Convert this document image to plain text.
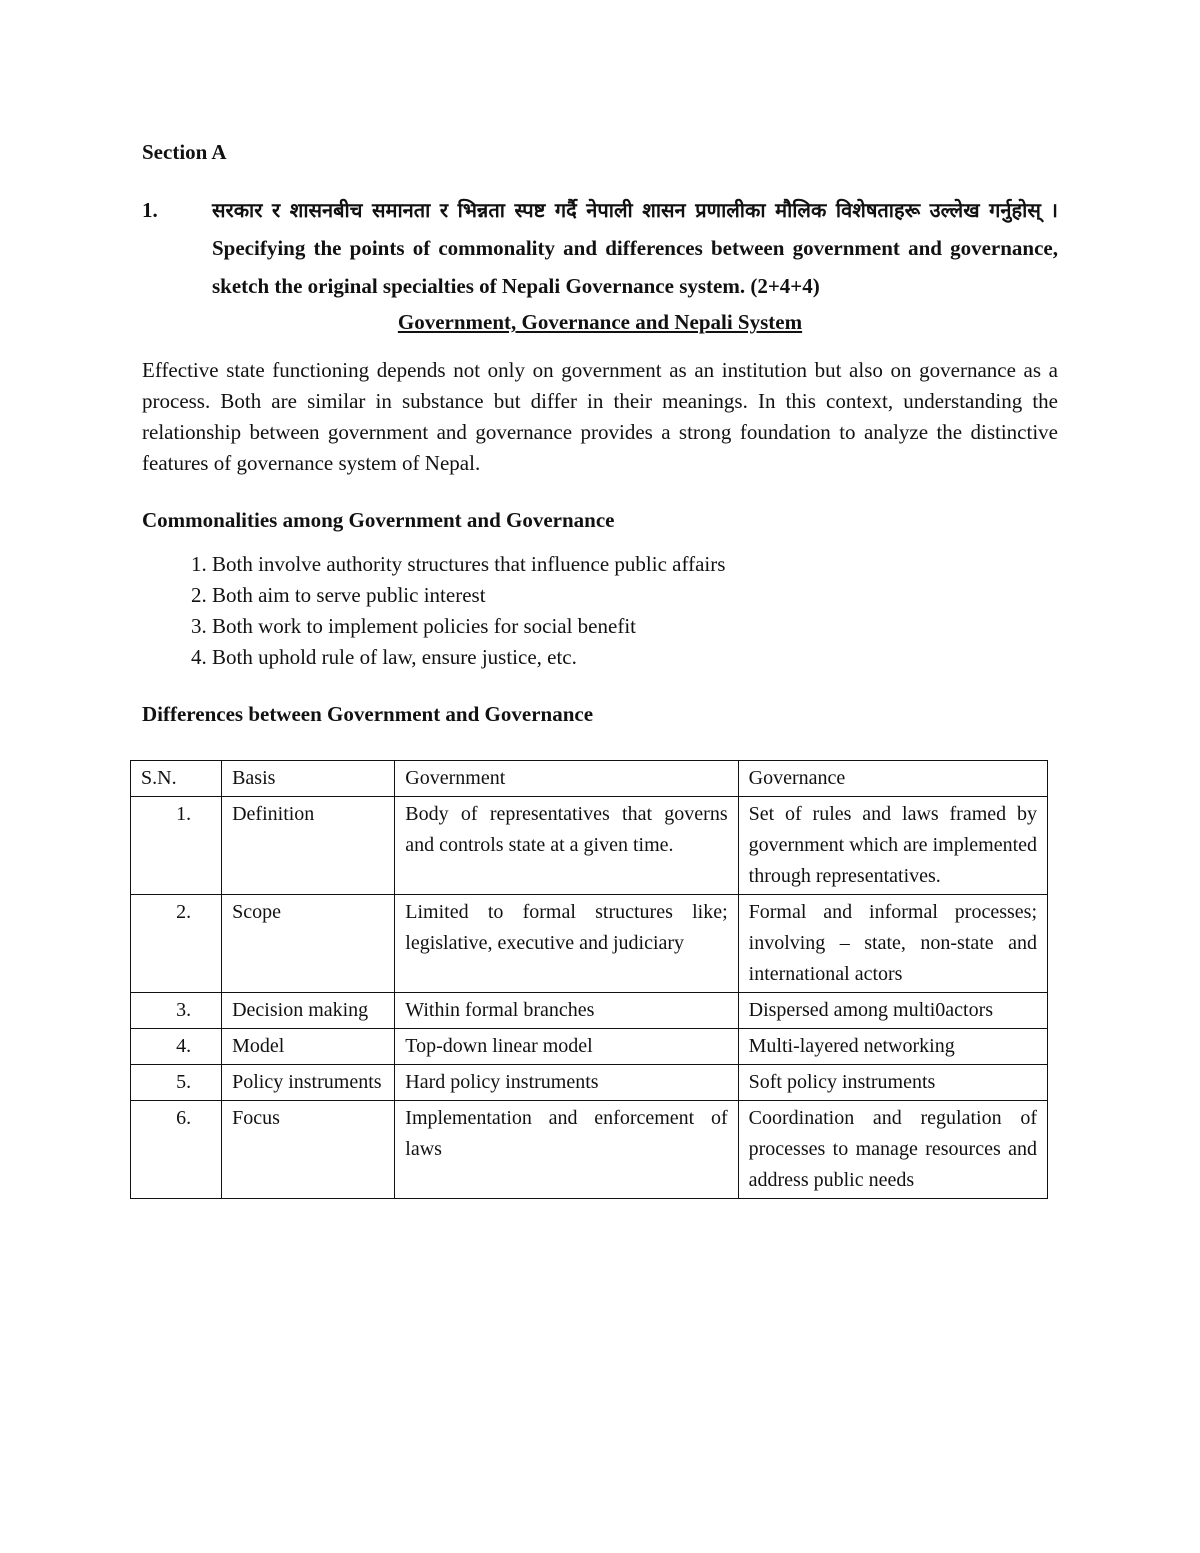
Section A

1.	सरकार र शासनबीच समानता र भिन्नता स्पष्ट गर्दै नेपाली शासन प्रणालीका मौलिक विशेषताहरू उल्लेख गर्नुहोस् । Specifying the points of commonality and differences between government and governance, sketch the original specialties of Nepali Governance system. (2+4+4)

Government, Governance and Nepali System

Effective state functioning depends not only on government as an institution but also on governance as a process. Both are similar in substance but differ in their meanings. In this context, understanding the relationship between government and governance provides a strong foundation to analyze the distinctive features of governance system of Nepal.

Commonalities among Government and Governance

1. Both involve authority structures that influence public affairs
2. Both aim to serve public interest
3. Both work to implement policies for social benefit
4. Both uphold rule of law, ensure justice, etc.

Differences between Government and Governance

S.N.	Basis	Government	Governance
1.	Definition	Body of representatives that governs and controls state at a given time.	Set of rules and laws framed by government which are implemented through representatives.
2.	Scope	Limited to formal structures like; legislative, executive and judiciary	Formal and informal processes; involving – state, non-state and international actors
3.	Decision making	Within formal branches	Dispersed among multi0actors
4.	Model	Top-down linear model	Multi-layered networking
5.	Policy instruments	Hard policy instruments	Soft policy instruments
6.	Focus	Implementation and enforcement of laws	Coordination and regulation of processes to manage resources and address public needs
